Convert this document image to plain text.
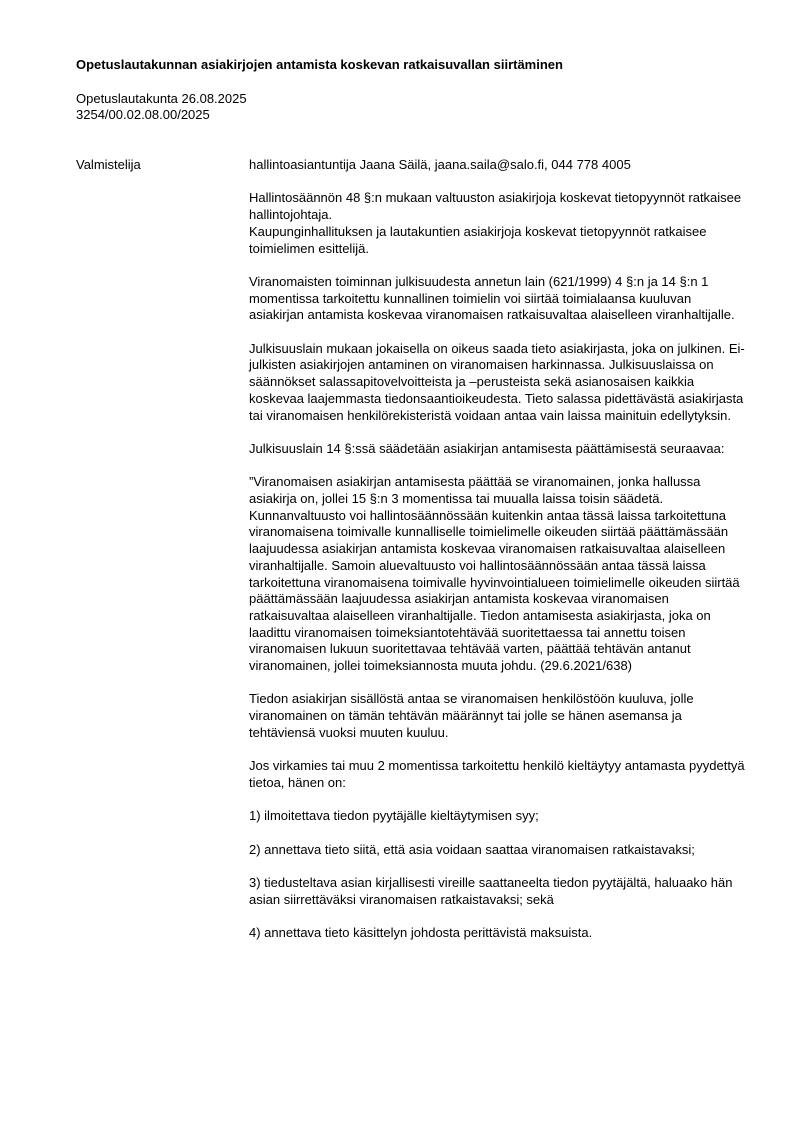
Opetuslautakunnan asiakirjojen antamista koskevan ratkaisuvallan siirtäminen
Opetuslautakunta 26.08.2025
3254/00.02.08.00/2025
Valmistelija	hallintoasiantuntija Jaana Säilä, jaana.saila@salo.fi, 044 778 4005

Hallintosäännön 48 §:n mukaan valtuuston asiakirjoja koskevat tietopyynnöt ratkaisee hallintojohtaja.

Kaupunginhallituksen ja lautakuntien asiakirjoja koskevat tietopyynnöt ratkaisee toimielimen esittelijä.

Viranomaisten toiminnan julkisuudesta annetun lain (621/1999) 4 §:n ja 14 §:n 1 momentissa tarkoitettu kunnallinen toimielin voi siirtää toimialaansa kuuluvan asiakirjan antamista koskevaa viranomaisen ratkaisuvaltaa alaiselleen viranhaltijalle.

Julkisuuslain mukaan jokaisella on oikeus saada tieto asiakirjasta, joka on julkinen. Ei-julkisten asiakirjojen antaminen on viranomaisen harkinnassa. Julkisuuslaissa on säännökset salassapitovelvoitteista ja –perusteista sekä asianosaisen kaikkia koskevaa laajemmasta tiedonsaantioikeudesta. Tieto salassa pidettävästä asiakirjasta tai viranomaisen henkilörekisteristä voidaan antaa vain laissa mainituin edellytyksin.

Julkisuuslain 14 §:ssä säädetään asiakirjan antamisesta päättämisestä seuraavaa:

”Viranomaisen asiakirjan antamisesta päättää se viranomainen, jonka hallussa asiakirja on, jollei 15 §:n 3 momentissa tai muualla laissa toisin säädetä. Kunnanvaltuusto voi hallintosäännössään kuitenkin antaa tässä laissa tarkoitettuna viranomaisena toimivalle kunnalliselle toimielimelle oikeuden siirtää päättämässään laajuudessa asiakirjan antamista koskevaa viranomaisen ratkaisuvaltaa alaiselleen viranhaltijalle. Samoin aluevaltuusto voi hallintosäännössään antaa tässä laissa tarkoitettuna viranomaisena toimivalle hyvinvointialueen toimielimelle oikeuden siirtää päättämässään laajuudessa asiakirjan antamista koskevaa viranomaisen ratkaisuvaltaa alaiselleen viranhaltijalle. Tiedon antamisesta asiakirjasta, joka on laadittu viranomaisen toimeksiantotehtävää suoritettaessa tai annettu toisen viranomaisen lukuun suoritettavaa tehtävää varten, päättää tehtävän antanut viranomainen, jollei toimeksiannosta muuta johdu. (29.6.2021/638)

Tiedon asiakirjan sisällöstä antaa se viranomaisen henkilöstöön kuuluva, jolle viranomainen on tämän tehtävän määrännyt tai jolle se hänen asemansa ja tehtäviensä vuoksi muuten kuuluu.

Jos virkamies tai muu 2 momentissa tarkoitettu henkilö kieltäytyy antamasta pyydettyä tietoa, hänen on:

1) ilmoitettava tiedon pyytäjälle kieltäytymisen syy;

2) annettava tieto siitä, että asia voidaan saattaa viranomaisen ratkaistavaksi;

3) tiedusteltava asian kirjallisesti vireille saattaneelta tiedon pyytäjältä, haluaako hän asian siirrettäväksi viranomaisen ratkaistavaksi; sekä

4) annettava tieto käsittelyn johdosta perittävistä maksuista.
